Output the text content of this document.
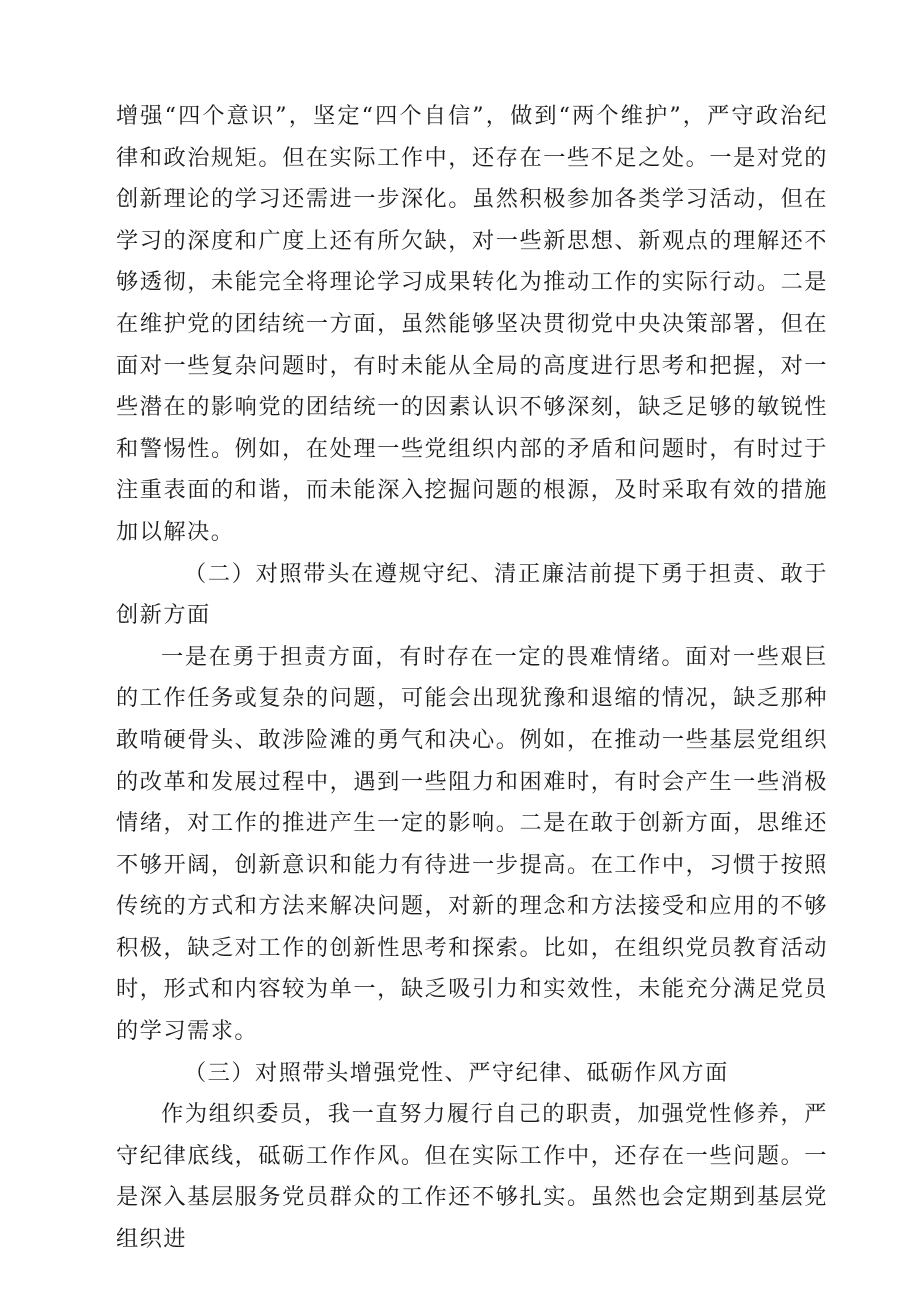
增强“四个意识”，坚定“四个自信”，做到“两个维护”，严守政治纪律和政治规矩。但在实际工作中，还存在一些不足之处。一是对党的创新理论的学习还需进一步深化。虽然积极参加各类学习活动，但在学习的深度和广度上还有所欠缺，对一些新思想、新观点的理解还不够透彻，未能完全将理论学习成果转化为推动工作的实际行动。二是在维护党的团结统一方面，虽然能够坚决贯彻党中央决策部署，但在面对一些复杂问题时，有时未能从全局的高度进行思考和把握，对一些潜在的影响党的团结统一的因素认识不够深刻，缺乏足够的敏锐性和警惕性。例如，在处理一些党组织内部的矛盾和问题时，有时过于注重表面的和谐，而未能深入挖掘问题的根源，及时采取有效的措施加以解决。

（二）对照带头在遵规守纪、清正廉洁前提下勇于担责、敢于创新方面

一是在勇于担责方面，有时存在一定的畏难情绪。面对一些艰巨的工作任务或复杂的问题，可能会出现犹豫和退缩的情况，缺乏那种敢啃硬骨头、敢涉险滩的勇气和决心。例如，在推动一些基层党组织的改革和发展过程中，遇到一些阻力和困难时，有时会产生一些消极情绪，对工作的推进产生一定的影响。二是在敢于创新方面，思维还不够开阔，创新意识和能力有待进一步提高。在工作中，习惯于按照传统的方式和方法来解决问题，对新的理念和方法接受和应用的不够积极，缺乏对工作的创新性思考和探索。比如，在组织党员教育活动时，形式和内容较为单一，缺乏吸引力和实效性，未能充分满足党员的学习需求。

（三）对照带头增强党性、严守纪律、砥砺作风方面

作为组织委员，我一直努力履行自己的职责，加强党性修养，严守纪律底线，砥砺工作作风。但在实际工作中，还存在一些问题。一是深入基层服务党员群众的工作还不够扎实。虽然也会定期到基层党组织进
